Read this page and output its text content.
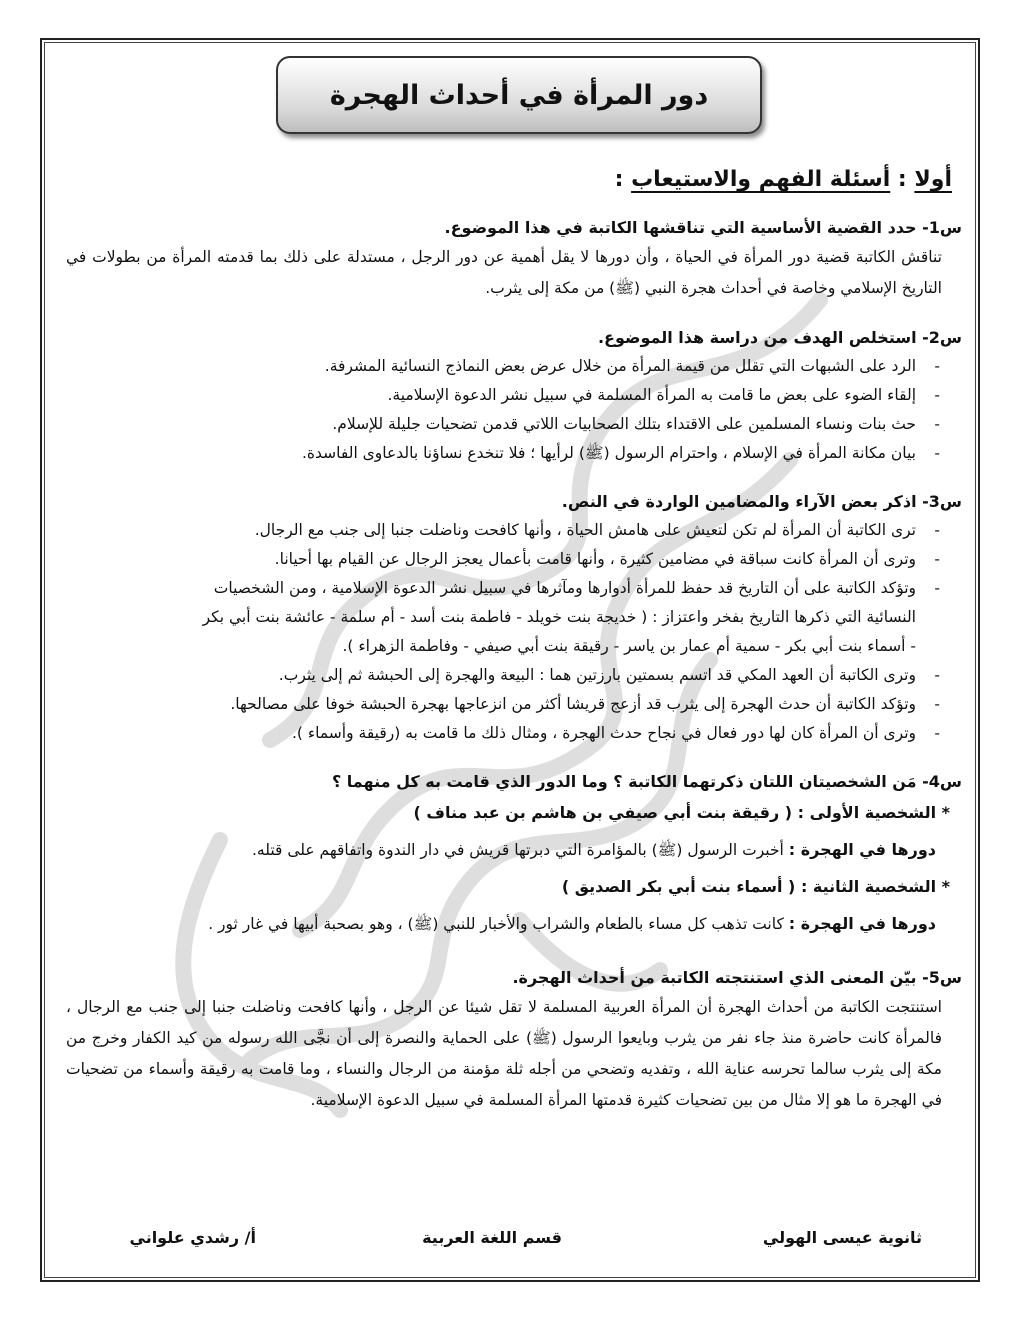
دور المرأة في أحداث الهجرة
أولا : أسئلة الفهم والاستيعاب :
س1- حدد القضية الأساسية التي تناقشها الكاتبة في هذا الموضوع.
تناقش الكاتبة قضية دور المرأة في الحياة ، وأن دورها لا يقل أهمية عن دور الرجل ، مستدلة على ذلك بما قدمته المرأة من بطولات في التاريخ الإسلامي وخاصة في أحداث هجرة النبي (ﷺ) من مكة إلى يثرب.
س2- استخلص الهدف من دراسة هذا الموضوع.
-
الرد على الشبهات التي تقلل من قيمة المرأة من خلال عرض بعض النماذج النسائية المشرفة.
-
إلقاء الضوء على بعض ما قامت به المرأة المسلمة في سبيل نشر الدعوة الإسلامية.
-
حث بنات ونساء المسلمين على الاقتداء بتلك الصحابيات اللاتي قدمن تضحيات جليلة للإسلام.
-
بيان مكانة المرأة في الإسلام ، واحترام الرسول (ﷺ) لرأيها ؛ فلا تنخدع نساؤنا بالدعاوى الفاسدة.
س3- اذكر بعض الآراء والمضامين الواردة في النص.
-
ترى الكاتبة أن المرأة لم تكن لتعيش على هامش الحياة ، وأنها كافحت وناضلت جنبا إلى جنب مع الرجال.
-
وترى أن المرأة كانت سباقة في مضامين كثيرة ، وأنها قامت بأعمال يعجز الرجال عن القيام بها أحيانا.
-
وتؤكد الكاتبة على أن التاريخ قد حفظ للمرأة أدوارها ومآثرها في سبيل نشر الدعوة الإسلامية ، ومن الشخصيات
النسائية التي ذكرها التاريخ بفخر واعتزاز : ( خديجة بنت خويلد - فاطمة بنت أسد - أم سلمة - عائشة بنت أبي بكر
- أسماء بنت أبي بكر - سمية أم عمار بن ياسر - رقيقة بنت أبي صيفي - وفاطمة الزهراء ).
-
وترى الكاتبة أن العهد المكي قد اتسم بسمتين بارزتين هما : البيعة والهجرة إلى الحبشة ثم إلى يثرب.
-
وتؤكد الكاتبة أن حدث الهجرة إلى يثرب قد أزعج قريشا أكثر من انزعاجها بهجرة الحبشة خوفا على مصالحها.
-
وترى أن المرأة كان لها دور فعال في نجاح حدث الهجرة ، ومثال ذلك ما قامت به (رقيقة وأسماء ).
س4- مَن الشخصيتان اللتان ذكرتهما الكاتبة ؟ وما الدور الذي قامت به كل منهما ؟
* الشخصية الأولى : ( رقيقة بنت أبي صيفي بن هاشم بن عبد مناف )
دورها في الهجرة : أخبرت الرسول (ﷺ) بالمؤامرة التي دبرتها قريش في دار الندوة واتفاقهم على قتله.
* الشخصية الثانية : ( أسماء بنت أبي بكر الصديق )
دورها في الهجرة : كانت تذهب كل مساء بالطعام والشراب والأخبار للنبي (ﷺ) ، وهو بصحبة أبيها في غار ثور .
س5- بيّن المعنى الذي استنتجته الكاتبة من أحداث الهجرة.
استنتجت الكاتبة من أحداث الهجرة أن المرأة العربية المسلمة لا تقل شيئا عن الرجل ، وأنها كافحت وناضلت جنبا إلى جنب مع الرجال ، فالمرأة كانت حاضرة منذ جاء نفر من يثرب وبايعوا الرسول (ﷺ) على الحماية والنصرة إلى أن نجَّى الله رسوله من كيد الكفار وخرج من مكة إلى يثرب سالما تحرسه عناية الله ، وتفديه وتضحي من أجله ثلة مؤمنة من الرجال والنساء ، وما قامت به رقيقة وأسماء من تضحيات في الهجرة ما هو إلا مثال من بين تضحيات كثيرة قدمتها المرأة المسلمة في سبيل الدعوة الإسلامية.
ثانوية عيسى الهولي
قسم اللغة العربية
أ/ رشدي علواني
